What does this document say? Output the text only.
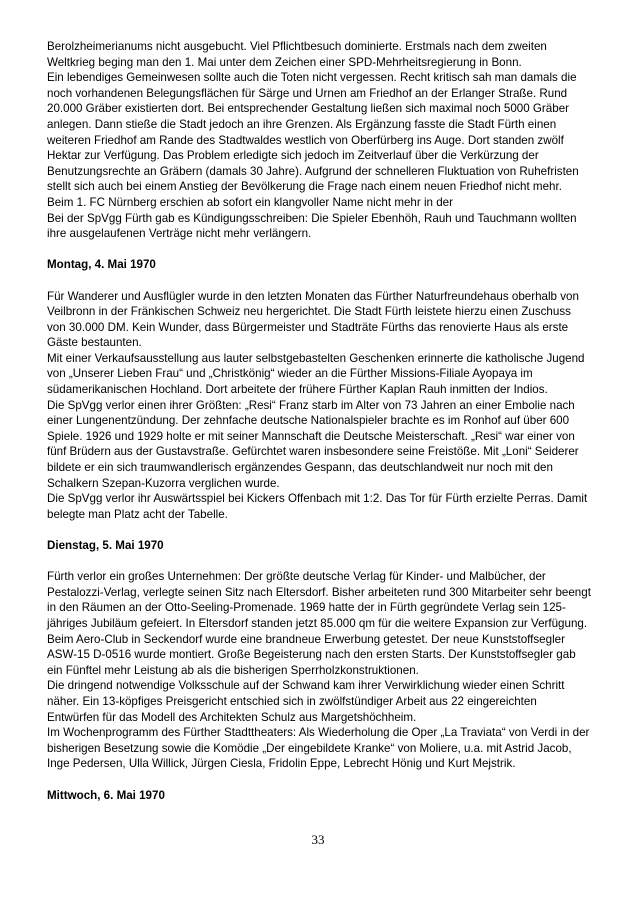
Berolzheimerianums nicht ausgebucht. Viel Pflichtbesuch dominierte. Erstmals nach dem zweiten Weltkrieg beging man den 1. Mai unter dem Zeichen einer SPD-Mehrheitsregierung in Bonn.

Ein lebendiges Gemeinwesen sollte auch die Toten nicht vergessen. Recht kritisch sah man damals die noch vorhandenen Belegungsflächen für Särge und Urnen am Friedhof an der Erlanger Straße. Rund 20.000 Gräber existierten dort. Bei entsprechender Gestaltung ließen sich maximal noch 5000 Gräber anlegen. Dann stieße die Stadt jedoch an ihre Grenzen. Als Ergänzung fasste die Stadt Fürth einen weiteren Friedhof am Rande des Stadtwaldes westlich von Oberfürberg ins Auge. Dort standen zwölf Hektar zur Verfügung. Das Problem erledigte sich jedoch im Zeitverlauf über die Verkürzung der Benutzungsrechte an Gräbern (damals 30 Jahre). Aufgrund der schnelleren Fluktuation von Ruhefristen stellt sich auch bei einem Anstieg der Bevölkerung die Frage nach einem neuen Friedhof nicht mehr.

Beim 1. FC Nürnberg erschien ab sofort ein klangvoller Name nicht mehr in der

Bei der SpVgg Fürth gab es Kündigungsschreiben: Die Spieler Ebenhöh, Rauh und Tauchmann wollten ihre ausgelaufenen Verträge nicht mehr verlängern.

Montag, 4. Mai 1970

Für Wanderer und Ausflügler wurde in den letzten Monaten das Fürther Naturfreundehaus oberhalb von Veilbronn in der Fränkischen Schweiz neu hergerichtet. Die Stadt Fürth leistete hierzu einen Zuschuss von 30.000 DM. Kein Wunder, dass Bürgermeister und Stadträte Fürths das renovierte Haus als erste Gäste bestaunten.

Mit einer Verkaufsausstellung aus lauter selbstgebastelten Geschenken erinnerte die katholische Jugend von „Unserer Lieben Frau“ und „Christkönig“ wieder an die Fürther Missions-Filiale Ayopaya im südamerikanischen Hochland. Dort arbeitete der frühere Fürther Kaplan Rauh inmitten der Indios.

Die SpVgg verlor einen ihrer Größten: „Resi“ Franz starb im Alter von 73 Jahren an einer Embolie nach einer Lungenentzündung. Der zehnfache deutsche Nationalspieler brachte es im Ronhof auf über 600 Spiele. 1926 und 1929 holte er mit seiner Mannschaft die Deutsche Meisterschaft. „Resi“ war einer von fünf Brüdern aus der Gustavstraße. Gefürchtet waren insbesondere seine Freistöße. Mit „Loni“ Seiderer bildete er ein sich traumwandlerisch ergänzendes Gespann, das deutschlandweit nur noch mit den Schalkern Szepan-Kuzorra verglichen wurde.

Die SpVgg verlor ihr Auswärtsspiel bei Kickers Offenbach mit 1:2. Das Tor für Fürth erzielte Perras. Damit belegte man Platz acht der Tabelle.

Dienstag, 5. Mai 1970

Fürth verlor ein großes Unternehmen: Der größte deutsche Verlag für Kinder- und Malbücher, der Pestalozzi-Verlag, verlegte seinen Sitz nach Eltersdorf. Bisher arbeiteten rund 300 Mitarbeiter sehr beengt in den Räumen an der Otto-Seeling-Promenade. 1969 hatte der in Fürth gegründete Verlag sein 125-jähriges Jubiläum gefeiert. In Eltersdorf standen jetzt 85.000 qm für die weitere Expansion zur Verfügung.

Beim Aero-Club in Seckendorf wurde eine brandneue Erwerbung getestet. Der neue Kunststoffsegler ASW-15 D-0516 wurde montiert. Große Begeisterung nach den ersten Starts. Der Kunststoffsegler gab ein Fünftel mehr Leistung ab als die bisherigen Sperrholzkonstruktionen.

Die dringend notwendige Volksschule auf der Schwand kam ihrer Verwirklichung wieder einen Schritt näher. Ein 13-köpfiges Preisgericht entschied sich in zwölfstündiger Arbeit aus 22 eingereichten Entwürfen für das Modell des Architekten Schulz aus Margetshöchheim.

Im Wochenprogramm des Fürther Stadttheaters: Als Wiederholung die Oper „La Traviata“ von Verdi in der bisherigen Besetzung sowie die Komödie „Der eingebildete Kranke“ von Moliere, u.a. mit Astrid Jacob, Inge Pedersen, Ulla Willick, Jürgen Ciesla, Fridolin Eppe, Lebrecht Hönig und Kurt Mejstrik.

Mittwoch, 6. Mai 1970
33
